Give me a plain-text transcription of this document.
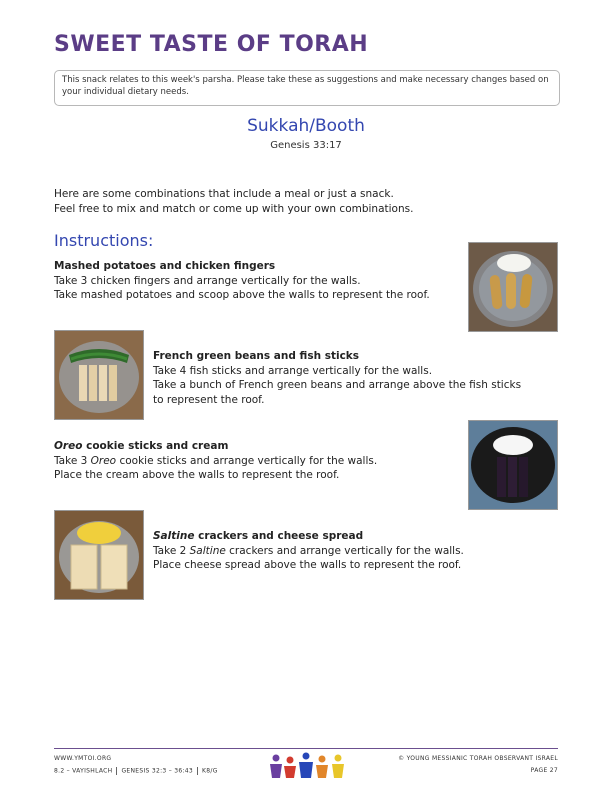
SWEET TASTE OF TORAH
This snack relates to this week's parsha. Please take these as suggestions and make necessary changes based on your individual dietary needs.
Sukkah/Booth
Genesis 33:17
Here are some combinations that include a meal or just a snack.
Feel free to mix and match or come up with your own combinations.
Instructions:
Mashed potatoes and chicken fingers
Take 3 chicken fingers and arrange vertically for the walls.
Take mashed potatoes and scoop above the walls to represent the roof.
French green beans and fish sticks
Take 4 fish sticks and arrange vertically for the walls.
Take a bunch of French green beans and arrange above the fish sticks
to represent the roof.
Oreo cookie sticks and cream
Take 3 Oreo cookie sticks and arrange vertically for the walls.
Place the cream above the walls to represent the roof.
Saltine crackers and cheese spread
Take 2 Saltine crackers and arrange vertically for the walls.
Place cheese spread above the walls to represent the roof.
WWW.YMTOI.ORG
8.2 – VAYISHLACH GENESIS 32:3 – 36:43 K8/G
© YOUNG MESSIANIC TORAH OBSERVANT ISRAEL
PAGE 27
